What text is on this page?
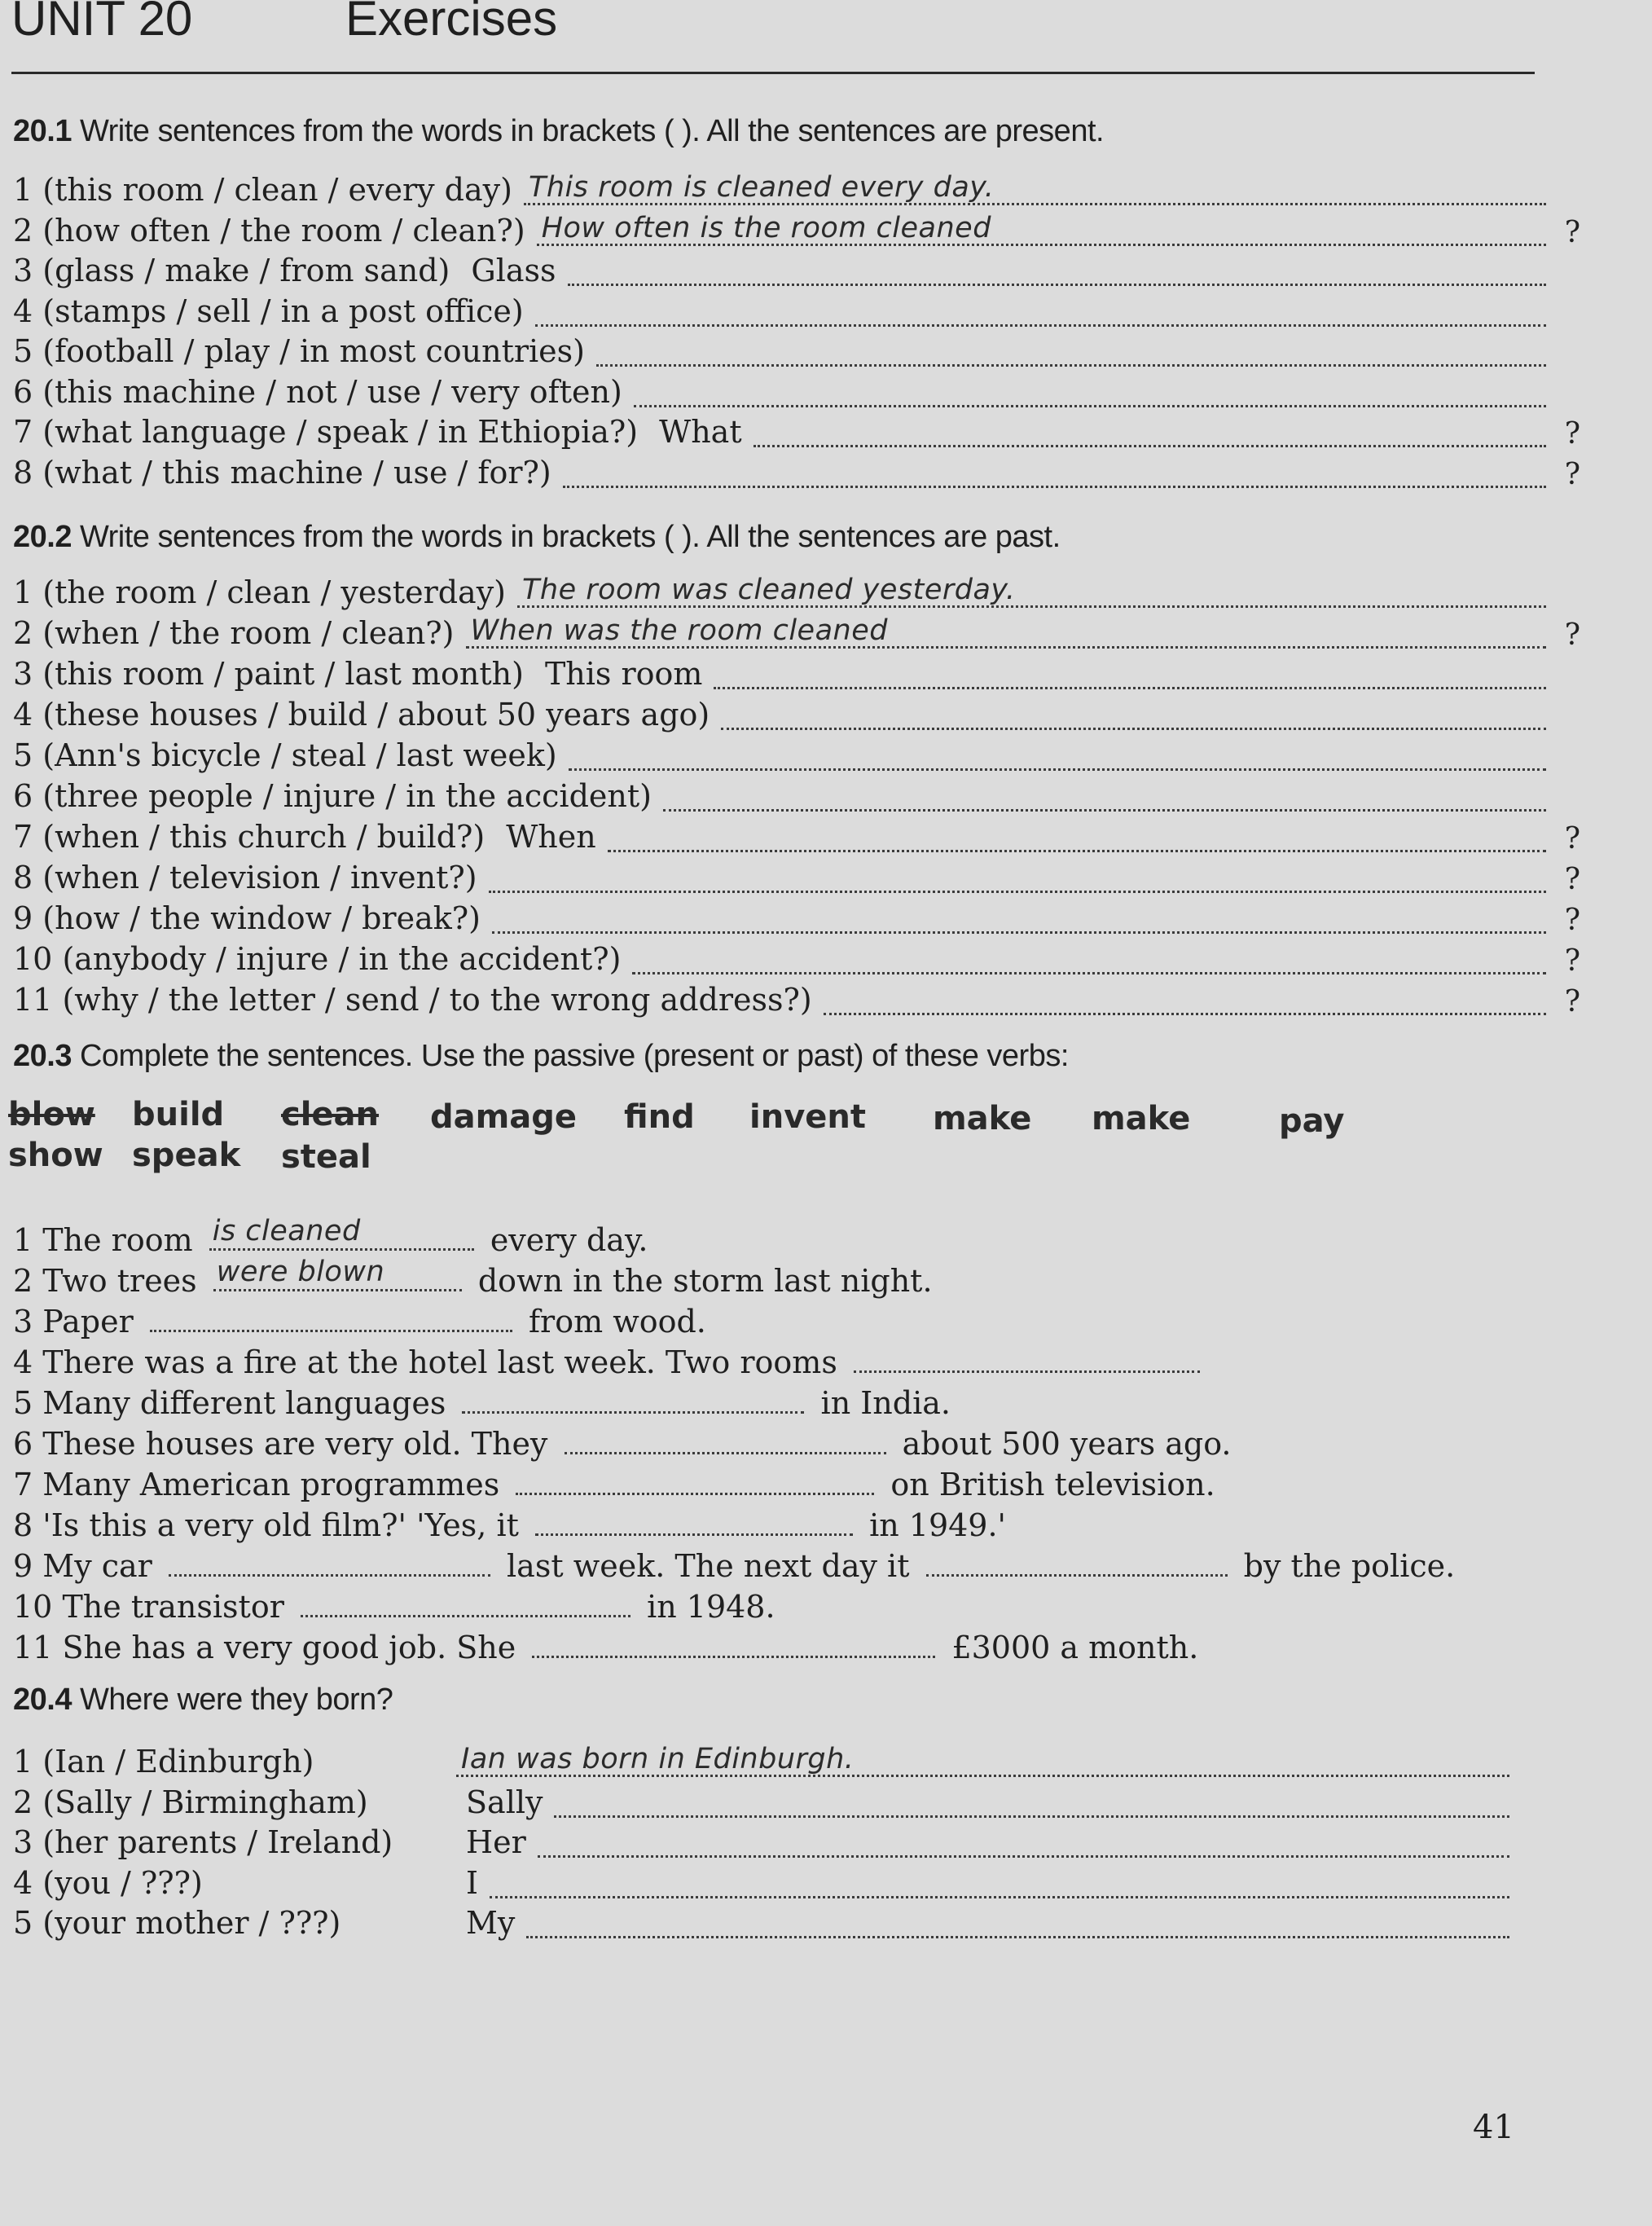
UNIT 20	Exercises
20.1 Write sentences from the words in brackets ( ). All the sentences are present.
1 (this room / clean / every day) This room is cleaned every day.
2 (how often / the room / clean?) How often is the room cleaned	?
3 (glass / make / from sand) Glass
4 (stamps / sell / in a post office)
5 (football / play / in most countries)
6 (this machine / not / use / very often)
7 (what language / speak / in Ethiopia?) What	?
8 (what / this machine / use / for?)	?
20.2 Write sentences from the words in brackets ( ). All the sentences are past.
1 (the room / clean / yesterday) The room was cleaned yesterday.
2 (when / the room / clean?) When was the room cleaned	?
3 (this room / paint / last month) This room
4 (these houses / build / about 50 years ago)
5 (Ann's bicycle / steal / last week)
6 (three people / injure / in the accident)
7 (when / this church / build?) When	?
8 (when / television / invent?)	?
9 (how / the window / break?)	?
10 (anybody / injure / in the accident?)	?
11 (why / the letter / send / to the wrong address?)	?
20.3 Complete the sentences. Use the passive (present or past) of these verbs:
blow build clean damage find invent make make	pay
show speak steal
1 The room is cleaned	every day.
2 Two trees were blown	down in the storm last night.
3 Paper	from wood.
4 There was a fire at the hotel last week. Two rooms
5 Many different languages	in India.
6 These houses are very old. They	about 500 years ago.
7 Many American programmes	on British television.
8 'Is this a very old film?' 'Yes, it	in 1949.'
9 My car	last week. The next day it	by the police.
10 The transistor	in 1948.
11 She has a very good job. She	£3000 a month.
20.4 Where were they born?
1 (Ian / Edinburgh)	Ian was born in Edinburgh.
2 (Sally / Birmingham)	Sally
3 (her parents / Ireland)	Her
4 (you / ???)	I
5 (your mother / ???)	My
41
